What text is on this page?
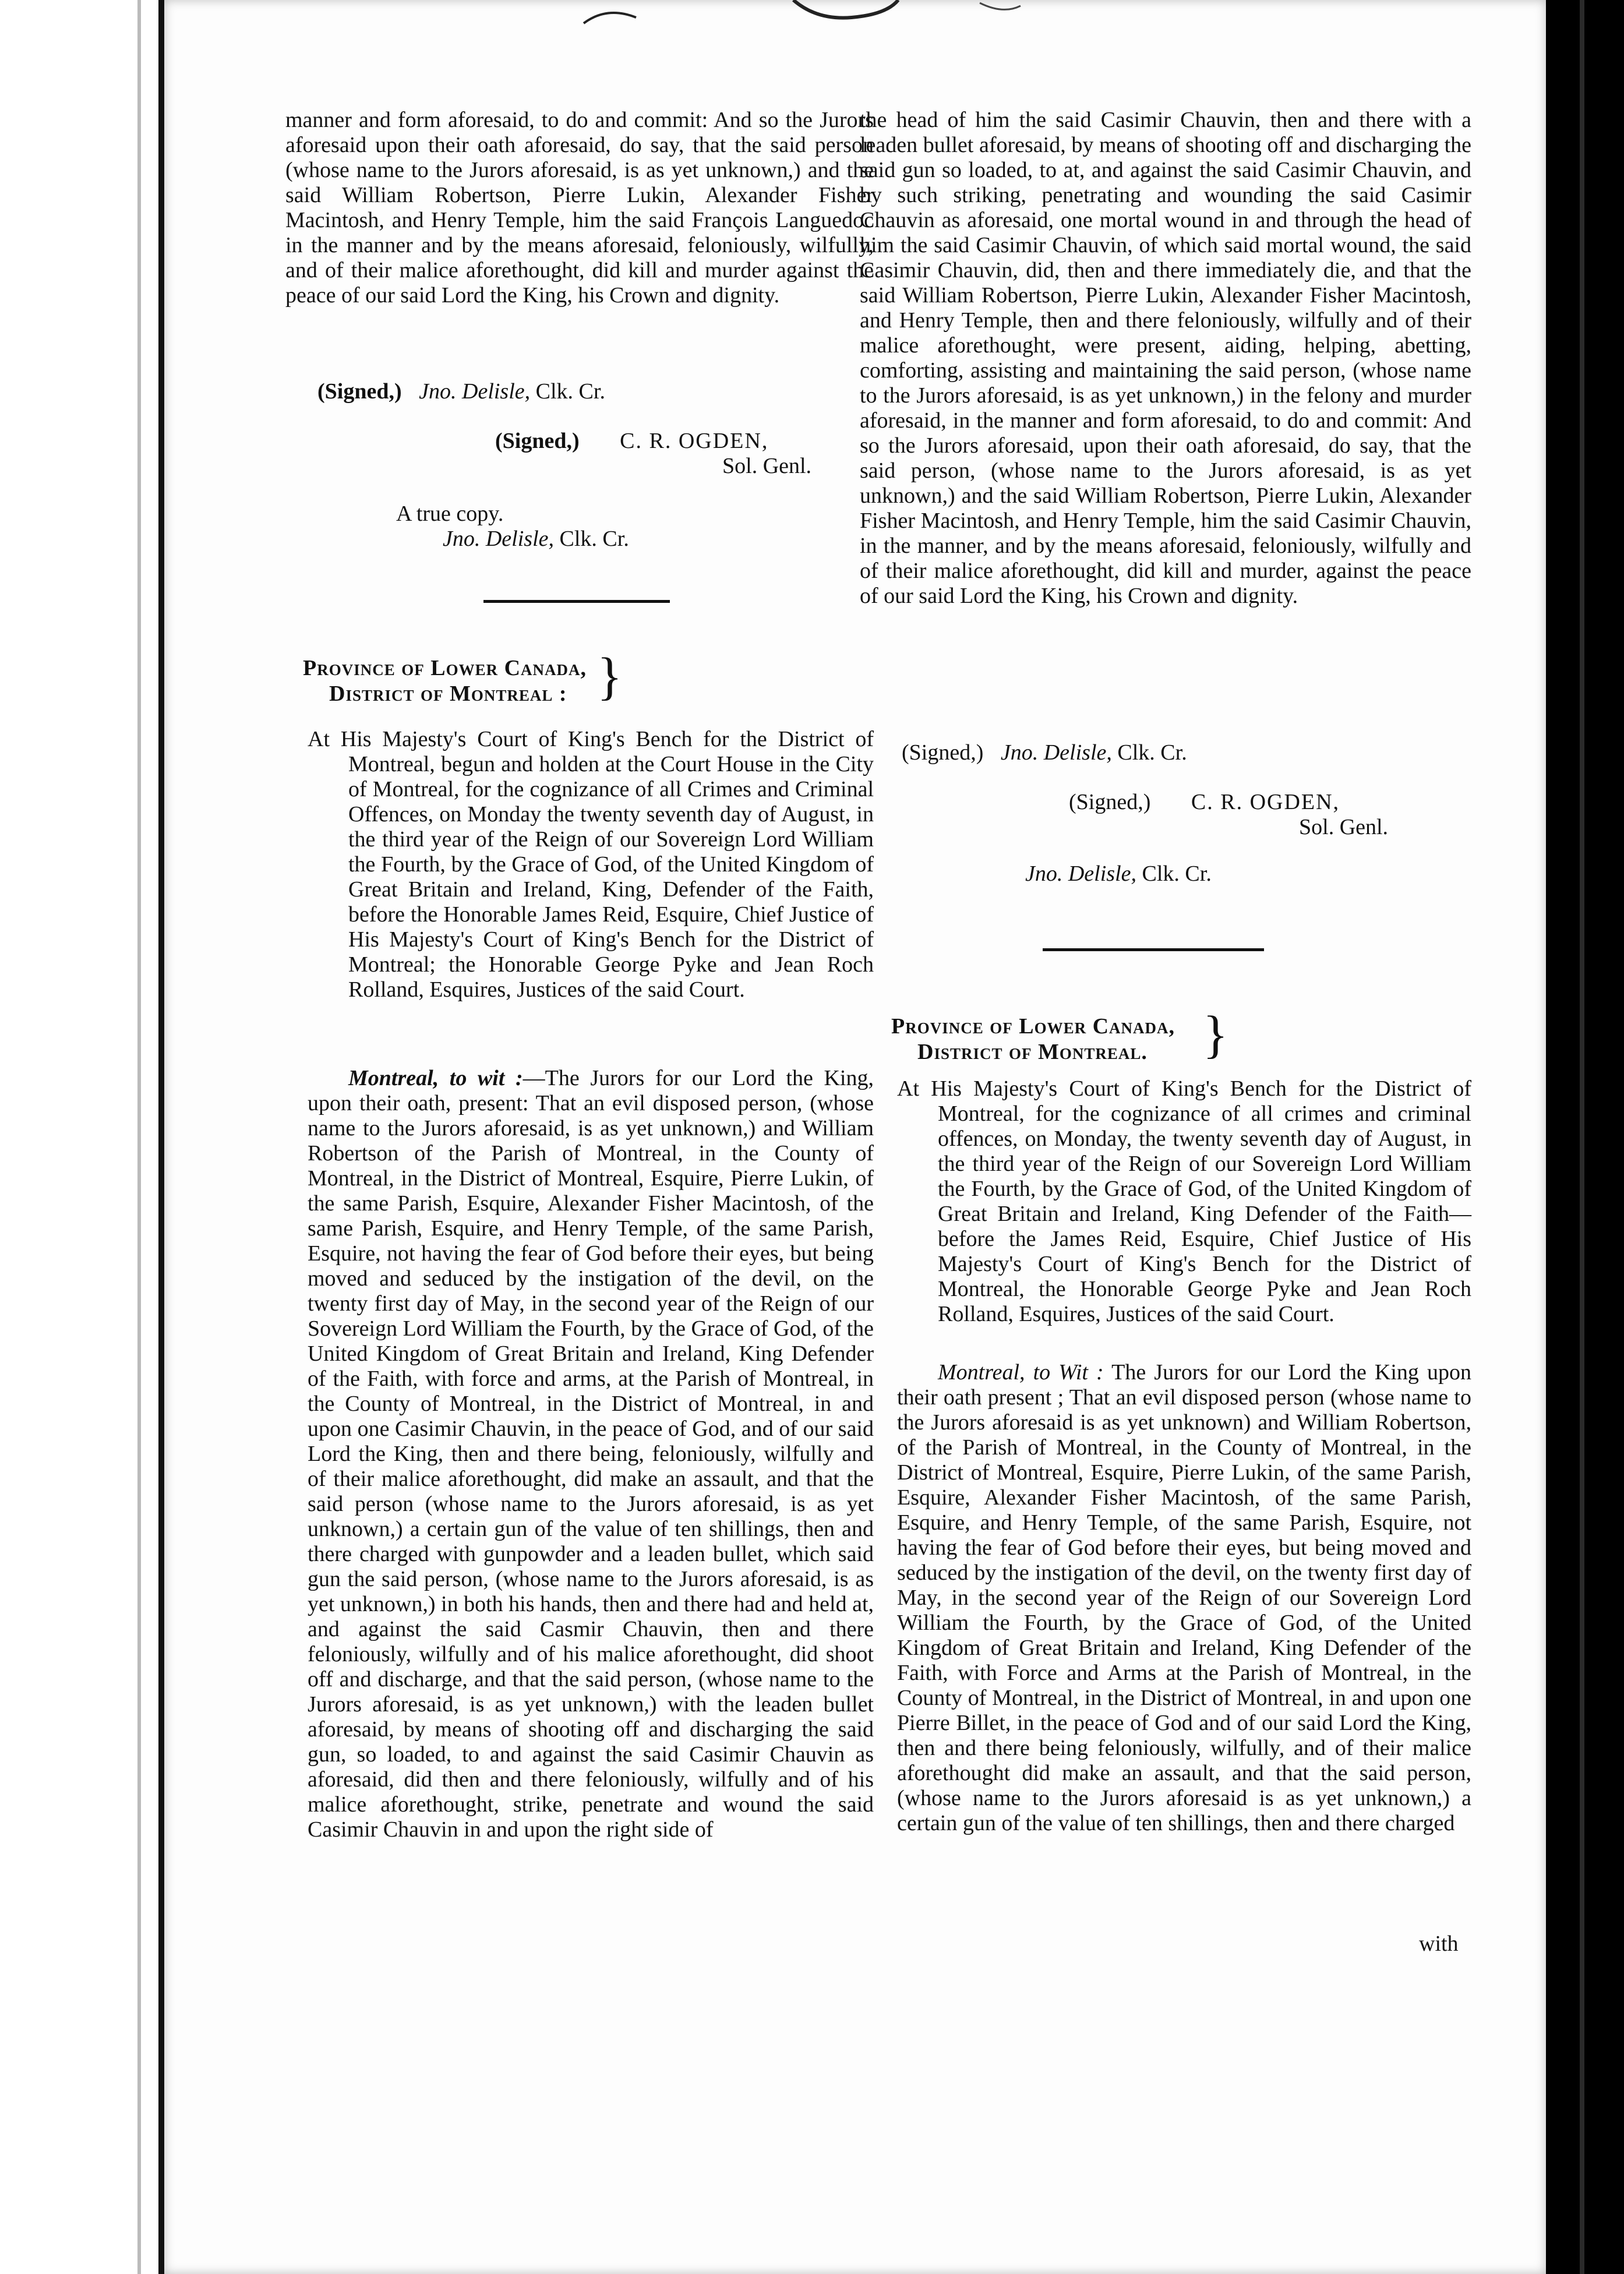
manner and form aforesaid, to do and commit: And so the Jurors aforesaid upon their oath aforesaid, do say, that the said person (whose name to the Jurors aforesaid, is as yet unknown,) and the said William Robertson, Pierre Lukin, Alexander Fisher Macintosh, and Henry Temple, him the said François Languedoc in the manner and by the means aforesaid, feloniously, wilfully, and of their malice aforethought, did kill and murder against the peace of our said Lord the King, his Crown and dignity.

(Signed,) Jno. Delisle, Clk. Cr.
(Signed,) C. R. OGDEN,
Sol. Genl.
A true copy.
Jno. Delisle, Clk. Cr.
Province of Lower Canada,
District of Montreal : }

At His Majesty's Court of King's Bench for the District of Montreal, begun and holden at the Court House in the City of Montreal, for the cognizance of all Crimes and Criminal Offences, on Monday the twenty seventh day of August, in the third year of the Reign of our Sovereign Lord William the Fourth, by the Grace of God, of the United Kingdom of Great Britain and Ireland, King, Defender of the Faith, before the Honorable James Reid, Esquire, Chief Justice of His Majesty's Court of King's Bench for the District of Montreal; the Honorable George Pyke and Jean Roch Rolland, Esquires, Justices of the said Court.

Montreal, to wit :—The Jurors for our Lord the King, upon their oath, present: That an evil disposed person, (whose name to the Jurors aforesaid, is as yet unknown,) and William Robertson of the Parish of Montreal, in the County of Montreal, in the District of Montreal, Esquire, Pierre Lukin, of the same Parish, Esquire, Alexander Fisher Macintosh, of the same Parish, Esquire, and Henry Temple, of the same Parish, Esquire, not having the fear of God before their eyes, but being moved and seduced by the instigation of the devil, on the twenty first day of May, in the second year of the Reign of our Sovereign Lord William the Fourth, by the Grace of God, of the United Kingdom of Great Britain and Ireland, King Defender of the Faith, with force and arms, at the Parish of Montreal, in the County of Montreal, in the District of Montreal, in and upon one Casimir Chauvin, in the peace of God, and of our said Lord the King, then and there being, feloniously, wilfully and of their malice aforethought, did make an assault, and that the said person (whose name to the Jurors aforesaid, is as yet unknown,) a certain gun of the value of ten shillings, then and there charged with gunpowder and a leaden bullet, which said gun the said person, (whose name to the Jurors aforesaid, is as yet unknown,) in both his hands, then and there had and held at, and against the said Casmir Chauvin, then and there feloniously, wilfully and of his malice aforethought, did shoot off and discharge, and that the said person, (whose name to the Jurors aforesaid, is as yet unknown,) with the leaden bullet aforesaid, by means of shooting off and discharging the said gun, so loaded, to and against the said Casimir Chauvin as aforesaid, did then and there feloniously, wilfully and of his malice aforethought, strike, penetrate and wound the said Casimir Chauvin in and upon the right side of

the head of him the said Casimir Chauvin, then and there with a leaden bullet aforesaid, by means of shooting off and discharging the said gun so loaded, to at, and against the said Casimir Chauvin, and by such striking, penetrating and wounding the said Casimir Chauvin as aforesaid, one mortal wound in and through the head of him the said Casimir Chauvin, of which said mortal wound, the said Casimir Chauvin, did, then and there immediately die, and that the said William Robertson, Pierre Lukin, Alexander Fisher Macintosh, and Henry Temple, then and there feloniously, wilfully and of their malice aforethought, were present, aiding, helping, abetting, comforting, assisting and maintaining the said person, (whose name to the Jurors aforesaid, is as yet unknown,) in the felony and murder aforesaid, in the manner and form aforesaid, to do and commit: And so the Jurors aforesaid, upon their oath aforesaid, do say, that the said person, (whose name to the Jurors aforesaid, is as yet unknown,) and the said William Robertson, Pierre Lukin, Alexander Fisher Macintosh, and Henry Temple, him the said Casimir Chauvin, in the manner, and by the means aforesaid, feloniously, wilfully and of their malice aforethought, did kill and murder, against the peace of our said Lord the King, his Crown and dignity.

(Signed,) Jno. Delisle, Clk. Cr.
(Signed,) C. R. OGDEN,
Sol. Genl.
Jno. Delisle, Clk. Cr.
Province of Lower Canada,
District of Montreal.	}

At His Majesty's Court of King's Bench for the District of Montreal, for the cognizance of all crimes and criminal offences, on Monday, the twenty seventh day of August, in the third year of the Reign of our Sovereign Lord William the Fourth, by the Grace of God, of the United Kingdom of Great Britain and Ireland, King Defender of the Faith—before the James Reid, Esquire, Chief Justice of His Majesty's Court of King's Bench for the District of Montreal, the Honorable George Pyke and Jean Roch Rolland, Esquires, Justices of the said Court.

Montreal, to Wit : The Jurors for our Lord the King upon their oath present ; That an evil disposed person (whose name to the Jurors aforesaid is as yet unknown) and William Robertson, of the Parish of Montreal, in the County of Montreal, in the District of Montreal, Esquire, Pierre Lukin, of the same Parish, Esquire, Alexander Fisher Macintosh, of the same Parish, Esquire, and Henry Temple, of the same Parish, Esquire, not having the fear of God before their eyes, but being moved and seduced by the instigation of the devil, on the twenty first day of May, in the second year of the Reign of our Sovereign Lord William the Fourth, by the Grace of God, of the United Kingdom of Great Britain and Ireland, King Defender of the Faith, with Force and Arms at the Parish of Montreal, in the County of Montreal, in the District of Montreal, in and upon one Pierre Billet, in the peace of God and of our said Lord the King, then and there being feloniously, wilfully, and of their malice aforethought did make an assault, and that the said person, (whose name to the Jurors aforesaid is as yet unknown,) a certain gun of the value of ten shillings, then and there charged

with
